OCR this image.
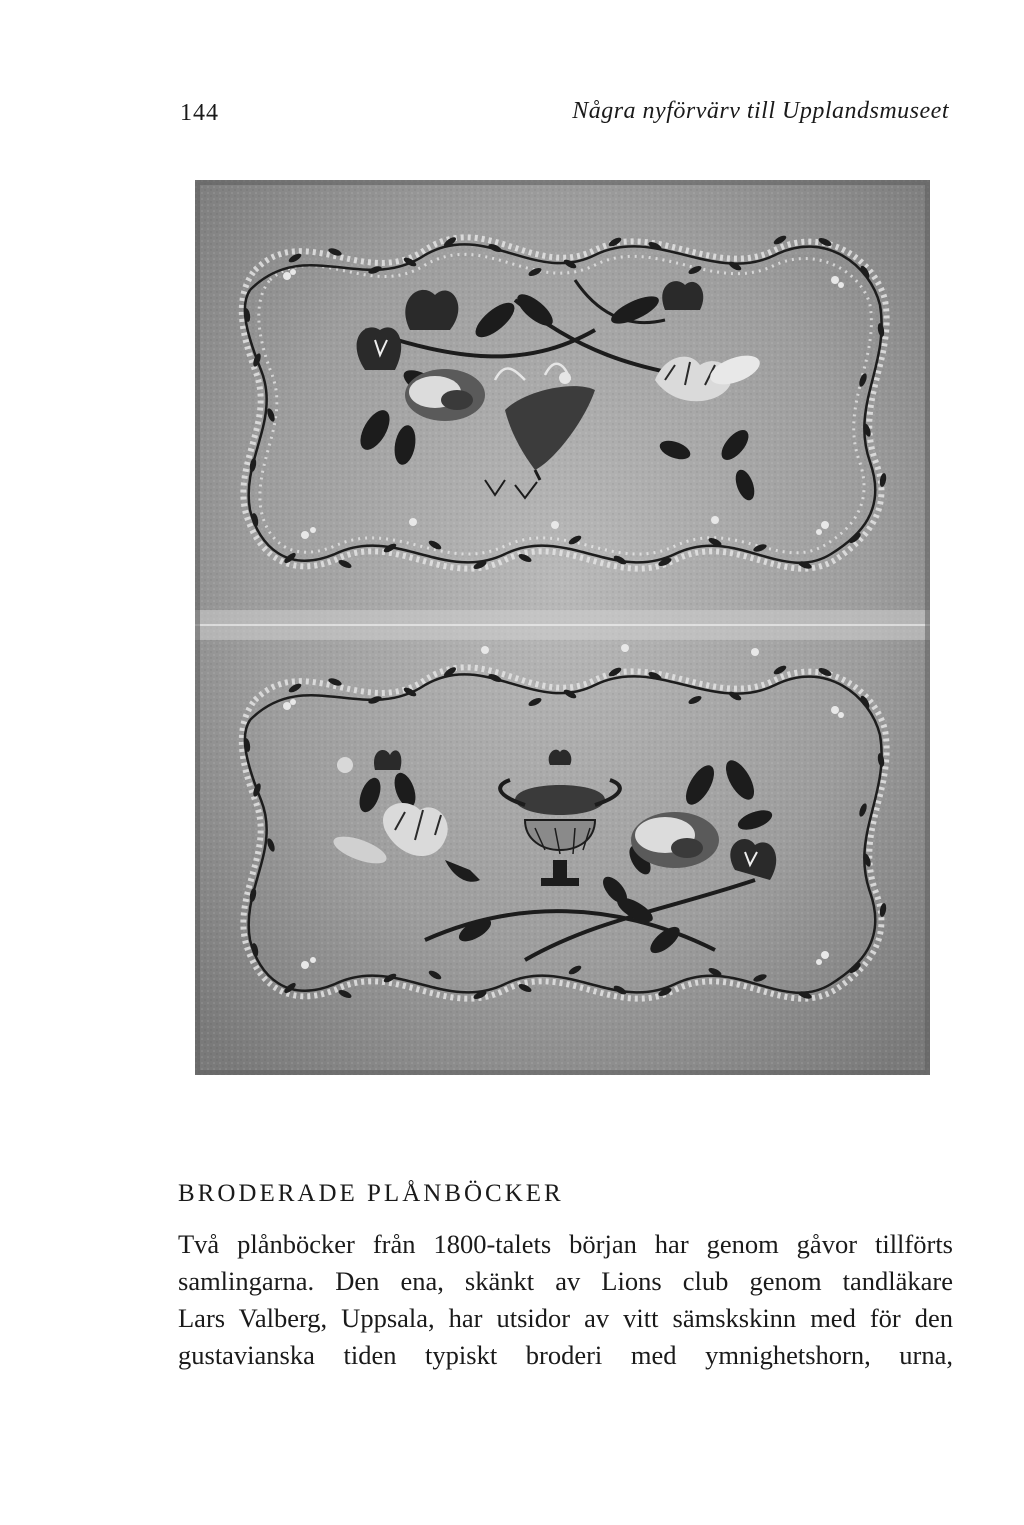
144	Några nyförvärv till Upplandsmuseet
BRODERADE PLÅNBÖCKER

Två plånböcker från 1800-talets början har genom gåvor tillförts
samlingarna. Den ena, skänkt av Lions club genom tandläkare
Lars Valberg, Uppsala, har utsidor av vitt sämskskinn med för den
gustavianska tiden typiskt broderi med ymnighetshorn, urna,
